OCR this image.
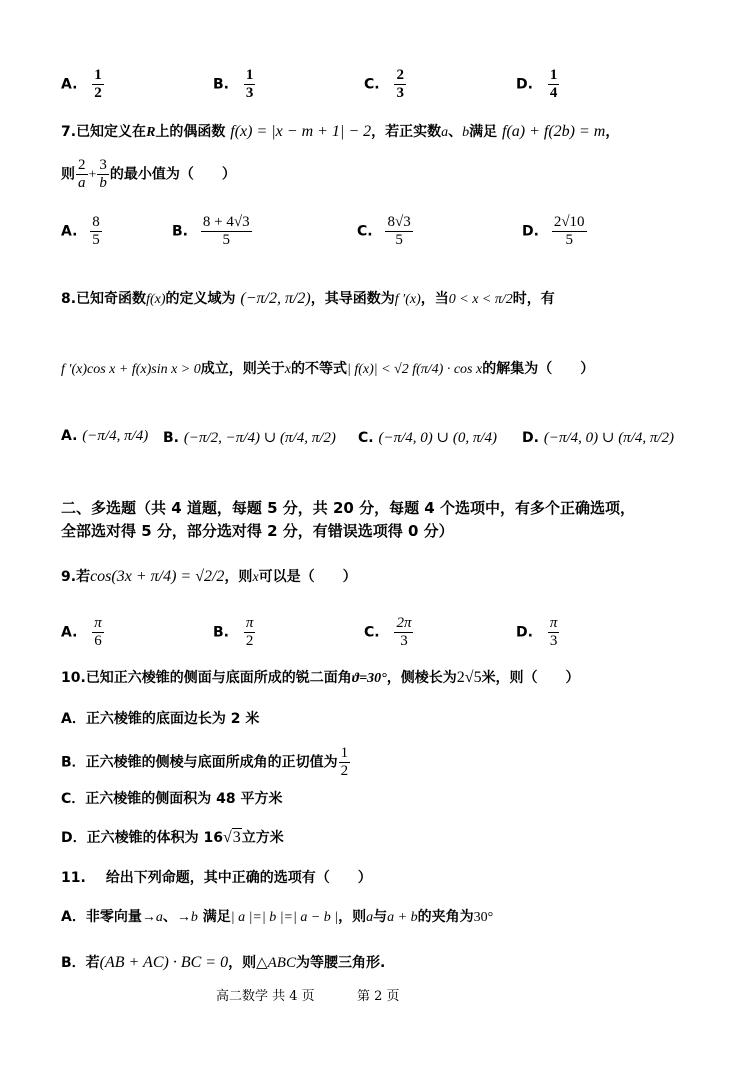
A. $\frac{1}{2}$	B. $\frac{1}{3}$	C. $\frac{2}{3}$	D. $\frac{1}{4}$
7.已知定义在R上的偶函数 f(x) = |x − m + 1| − 2，若正实数a、b满足 f(a) + f(2b) = m，
则 $\frac{2}{a} + \frac{3}{b}$ 的最小值为（　　）
A. $\frac{8}{5}$	B. $\frac{8 + 4√3}{5}$	C. $\frac{8√3}{5}$	D. $\frac{2√10}{5}$
8.已知奇函数f(x)的定义域为 (−π/2, π/2)，其导函数为f ′(x)，当0 < x < π/2时，有
f ′(x)cos x + f(x)sin x > 0成立，则关于x的不等式| f(x)| < √2 f(π/4) · cos x的解集为（　　）
A. (−π/4, π/4) B. (−π/2, −π/4) ∪ (π/4, π/2) C. (−π/4, 0) ∪ (0, π/4) D. (−π/4, 0) ∪ (π/4, π/2)
二、多选题（共 4 道题，每题 5 分，共 20 分，每题 4 个选项中，有多个正确选项，
全部选对得 5 分，部分选对得 2 分，有错误选项得 0 分）
9.若cos(3x + π/4) = √2/2，则x可以是（　　）
A. $\frac{\pi}{6}$	B. $\frac{\pi}{2}$	C. $\frac{2\pi}{3}$	D. $\frac{\pi}{3}$
10.已知正六棱锥的侧面与底面所成的锐二面角ϑ=30°，侧棱长为2√5米，则（　　）
A．正六棱锥的底面边长为 2 米
B．正六棱锥的侧棱与底面所成角的正切值为 $\frac{1}{2}$
C．正六棱锥的侧面积为 48 平方米
D．正六棱锥的体积为 16√3立方米
11. 给出下列命题，其中正确的选项有（　　）
A．非零向量→a、→b 满足| a |=| b |=| a − b |，则a与a + b的夹角为30°
B．若(AB + AC) · BC = 0，则△ABC为等腰三角形.
高二数学 共 4 页	第 2 页
